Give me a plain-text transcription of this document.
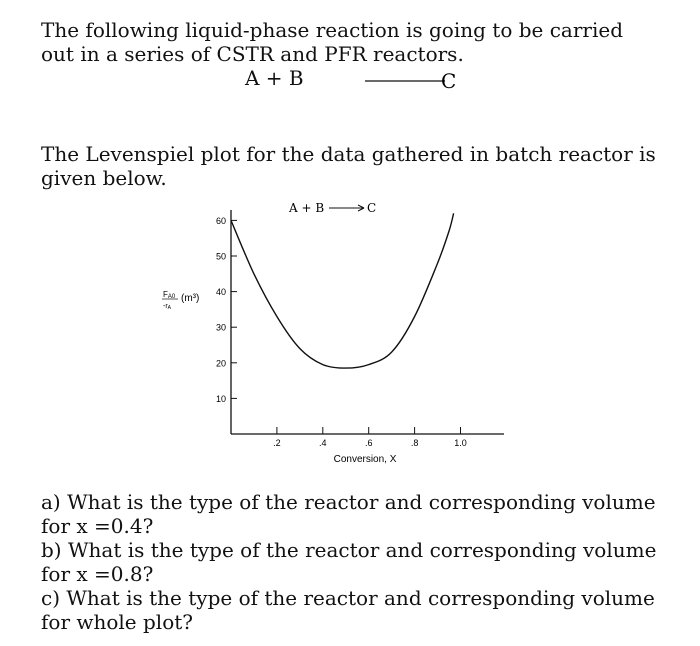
The following liquid-phase reaction is going to be carried out in a series of CSTR and PFR reactors.

A + B	C

The Levenspiel plot for the data gathered in batch reactor is given below.

10
20
30
40
50
60
.2	.4	.6	.8	1.0
A + B	C
FA0
-rA
(m³)
Conversion, X

a) What is the type of the reactor and corresponding volume for x =0.4?

b) What is the type of the reactor and corresponding volume for x =0.8?

c) What is the type of the reactor and corresponding volume for whole plot?
